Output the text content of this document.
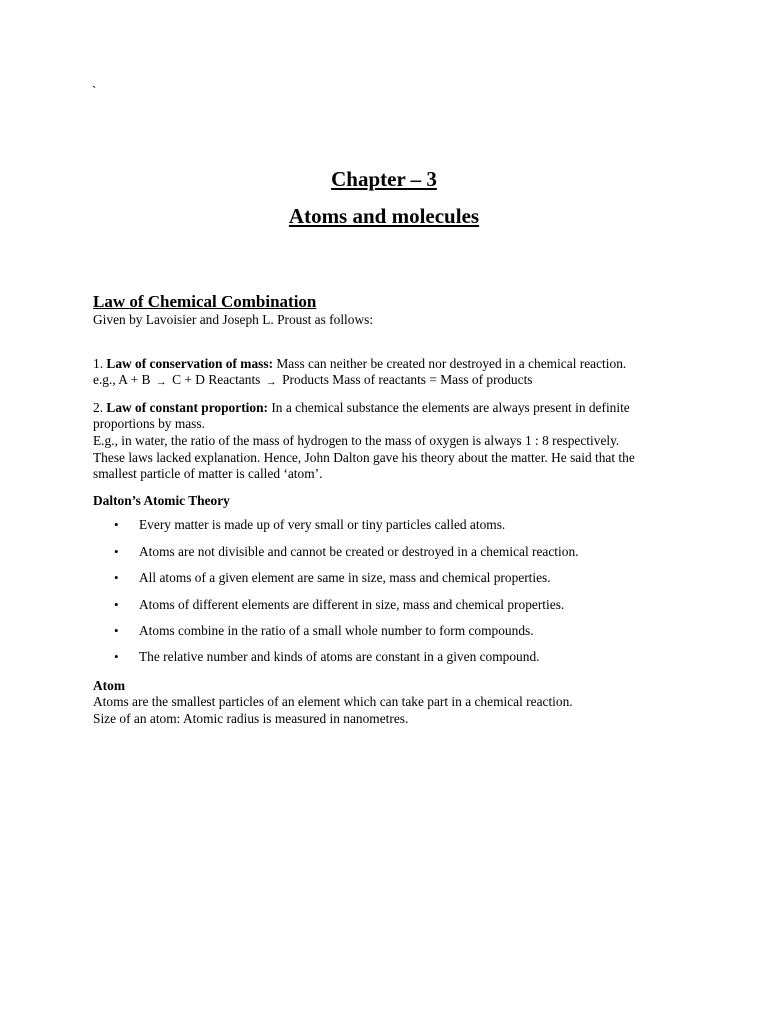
`
Chapter – 3
Atoms and molecules
Law of Chemical Combination
Given by Lavoisier and Joseph L. Proust as follows:
1. Law of conservation of mass: Mass can neither be created nor destroyed in a chemical reaction.
e.g., A + B → C + D Reactants → Products Mass of reactants = Mass of products
2. Law of constant proportion: In a chemical substance the elements are always present in definite
proportions by mass.
E.g., in water, the ratio of the mass of hydrogen to the mass of oxygen is always 1 : 8 respectively.
These laws lacked explanation. Hence, John Dalton gave his theory about the matter. He said that the
smallest particle of matter is called ‘atom’.
Dalton’s Atomic Theory
• Every matter is made up of very small or tiny particles called atoms.
• Atoms are not divisible and cannot be created or destroyed in a chemical reaction.
• All atoms of a given element are same in size, mass and chemical properties.
• Atoms of different elements are different in size, mass and chemical properties.
• Atoms combine in the ratio of a small whole number to form compounds.
• The relative number and kinds of atoms are constant in a given compound.
Atom
Atoms are the smallest particles of an element which can take part in a chemical reaction.
Size of an atom: Atomic radius is measured in nanometres.
